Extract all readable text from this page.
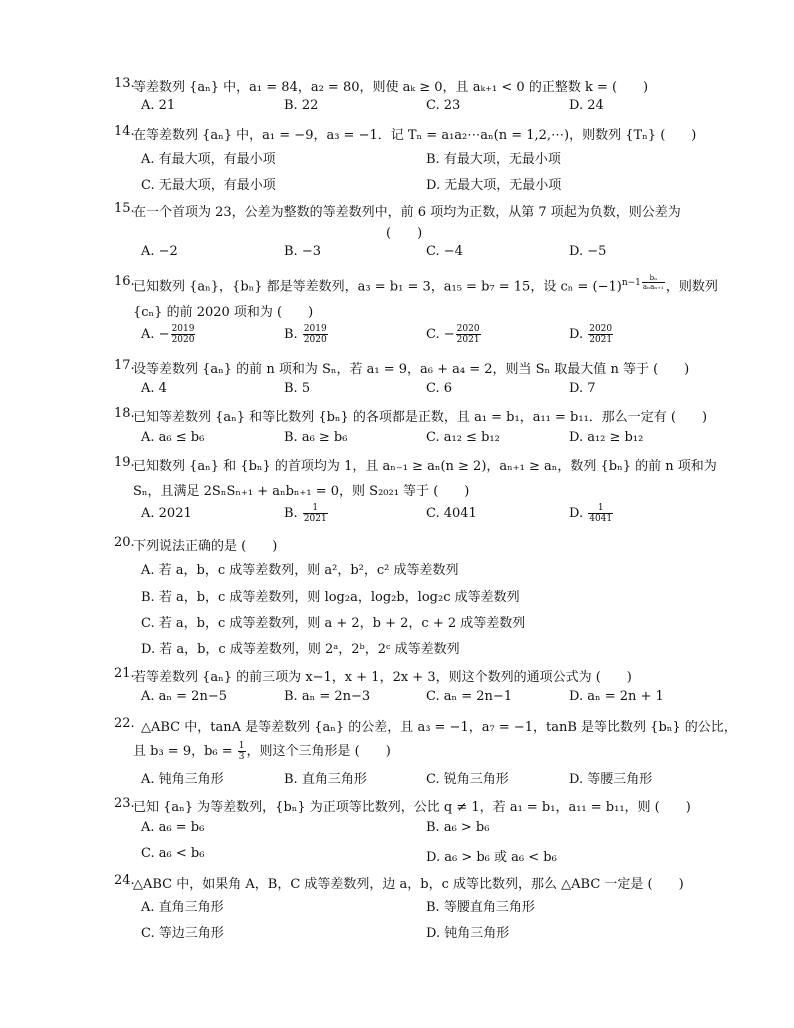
13.
等差数列 {aₙ} 中，a₁ = 84，a₂ = 80，则使 aₖ ≥ 0，且 aₖ₊₁ < 0 的正整数 k = (　　)
A. 21	B. 22	C. 23	D. 24
14.
在等差数列 {aₙ} 中，a₁ = −9，a₃ = −1．记 Tₙ = a₁a₂⋯aₙ(n = 1,2,⋯)，则数列 {Tₙ} (　　)
A. 有最大项，有最小项	B. 有最大项，无最小项
C. 无最大项，有最小项	D. 无最大项，无最小项
15.
在一个首项为 23，公差为整数的等差数列中，前 6 项均为正数，从第 7 项起为负数，则公差为
(　　)
A. −2	B. −3	C. −4	D. −5
16.
已知数列 {aₙ}，{bₙ} 都是等差数列，a₃ = b₁ = 3，a₁₅ = b₇ = 15，设 $c_n = (-1)^{n-1 \frac{\text{bₙ}}{\text{aₙaₙ₊₁}}}$ ，则数列
{cₙ} 的前 2020 项和为 (　　)
A. − $\frac{2019}{2020}$	B. $\frac{2019}{2020}$	C. − $\frac{2020}{2021}$	D. $\frac{2020}{2021}$
17.
设等差数列 {aₙ} 的前 n 项和为 Sₙ，若 a₁ = 9，a₆ + a₄ = 2，则当 Sₙ 取最大值 n 等于 (　　)
A. 4	B. 5	C. 6	D. 7
18.
已知等差数列 {aₙ} 和等比数列 {bₙ} 的各项都是正数，且 a₁ = b₁，a₁₁ = b₁₁．那么一定有 (　　)
A. a₆ ≤ b₆	B. a₆ ≥ b₆	C. a₁₂ ≤ b₁₂	D. a₁₂ ≥ b₁₂
19.
已知数列 {aₙ} 和 {bₙ} 的首项均为 1，且 aₙ₋₁ ≥ aₙ(n ≥ 2)，aₙ₊₁ ≥ aₙ，数列 {bₙ} 的前 n 项和为
Sₙ，且满足 2SₙSₙ₊₁ + aₙbₙ₊₁ = 0，则 S₂₀₂₁ 等于 (　　)
A. 2021	B. $\frac{1}{2021}$	C. 4041	D. $\frac{1}{4041}$
20.
下列说法正确的是 (　　)
A. 若 a，b，c 成等差数列，则 a²，b²，c² 成等差数列
B. 若 a，b，c 成等差数列，则 log₂a，log₂b，log₂c 成等差数列
C. 若 a，b，c 成等差数列，则 a + 2，b + 2，c + 2 成等差数列
D. 若 a，b，c 成等差数列，则 2ᵃ，2ᵇ，2ᶜ 成等差数列
21.
若等差数列 {aₙ} 的前三项为 x−1，x + 1，2x + 3，则这个数列的通项公式为 (　　)
A. aₙ = 2n−5	B. aₙ = 2n−3	C. aₙ = 2n−1	D. aₙ = 2n + 1
22. △ABC 中，tanA 是等差数列 {aₙ} 的公差，且 a₃ = −1，a₇ = −1，tanB 是等比数列 {bₙ} 的公比，
且 b₃ = 9，$b_6 = \frac{1}{3}$ ，则这个三角形是 (　　)
A. 钝角三角形	B. 直角三角形	C. 锐角三角形	D. 等腰三角形
23.
已知 {aₙ} 为等差数列，{bₙ} 为正项等比数列，公比 q ≠ 1，若 a₁ = b₁，a₁₁ = b₁₁，则 (　　)
A. a₆ = b₆	B. a₆ > b₆
C. a₆ < b₆	D. a₆ > b₆ 或 a₆ < b₆
24.
△ABC 中，如果角 A，B，C 成等差数列，边 a，b，c 成等比数列，那么 △ABC 一定是 (　　)
A. 直角三角形	B. 等腰直角三角形
C. 等边三角形	D. 钝角三角形
